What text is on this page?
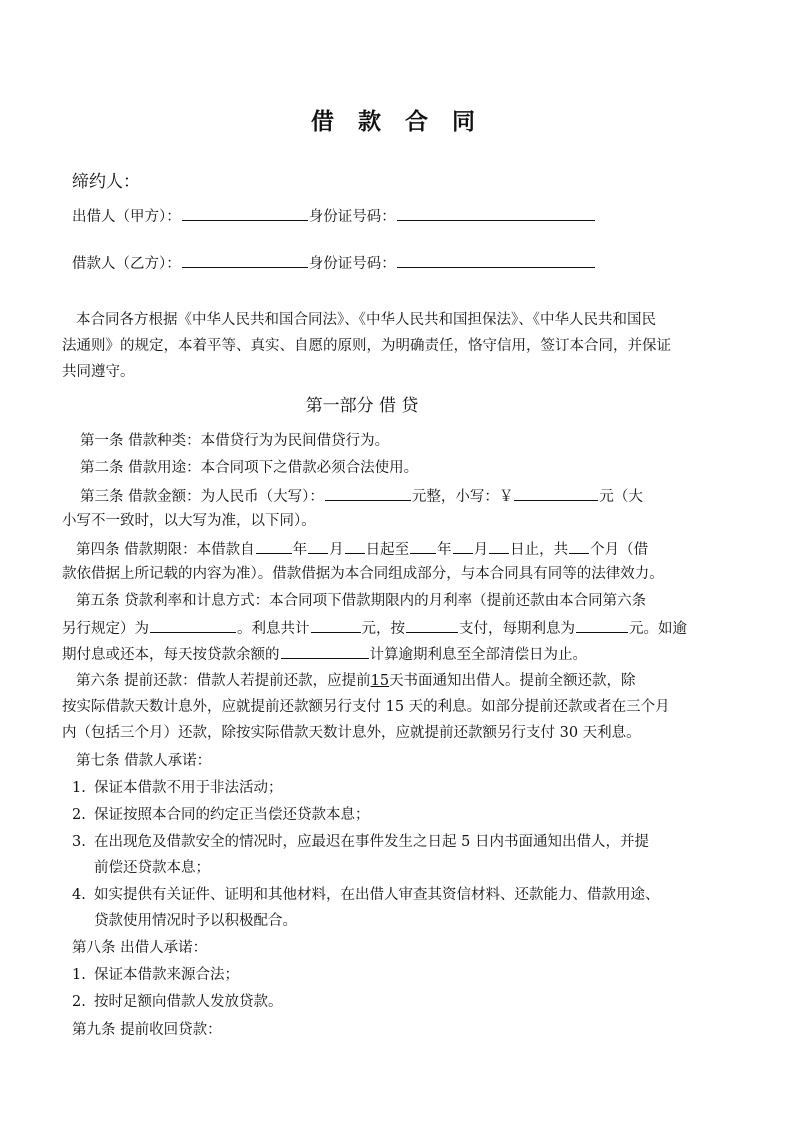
借 款 合 同
缔约人：
出借人（甲方）：	身份证号码：
借款人（乙方）：	身份证号码：
本合同各方根据《中华人民共和国合同法》、《中华人民共和国担保法》、《中华人民共和国民
法通则》的规定，本着平等、真实、自愿的原则，为明确责任，恪守信用，签订本合同，并保证
共同遵守。
第一部分 借 贷
第一条 借款种类：本借贷行为为民间借贷行为。
第二条 借款用途：本合同项下之借款必须合法使用。
第三条 借款金额：为人民币（大写）：	元整，小写：￥	元（大
小写不一致时，以大写为准，以下同）。
第四条 借款期限：本借款自	年 月 日起至 年 月 日止，共 个月（借
款依借据上所记载的内容为准）。借款借据为本合同组成部分，与本合同具有同等的法律效力。
第五条 贷款利率和计息方式：本合同项下借款期限内的月利率（提前还款由本合同第六条
另行规定）为	。利息共计	元，按	支付，每期利息为	元。如逾
期付息或还本，每天按贷款余额的	计算逾期利息至全部清偿日为止。
第六条 提前还款：借款人若提前还款，应提前15天书面通知出借人。提前全额还款，除
按实际借款天数计息外，应就提前还款额另行支付 15 天的利息。如部分提前还款或者在三个月
内（包括三个月）还款，除按实际借款天数计息外，应就提前还款额另行支付 30 天利息。
第七条 借款人承诺：
1. 保证本借款不用于非法活动；
2. 保证按照本合同的约定正当偿还贷款本息；
3. 在出现危及借款安全的情况时，应最迟在事件发生之日起 5 日内书面通知出借人，并提
前偿还贷款本息；
4. 如实提供有关证件、证明和其他材料，在出借人审查其资信材料、还款能力、借款用途、
贷款使用情况时予以积极配合。
第八条 出借人承诺：
1. 保证本借款来源合法；
2. 按时足额向借款人发放贷款。
第九条 提前收回贷款：
